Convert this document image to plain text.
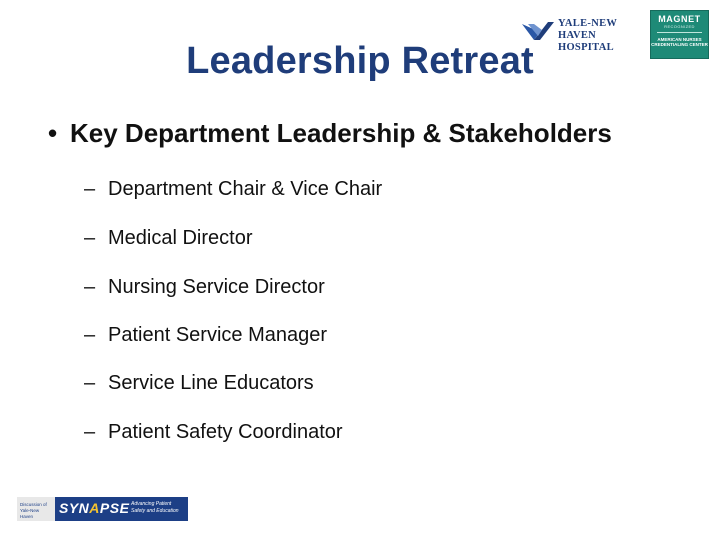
Leadership Retreat
YALE-NEW HAVEN
HOSPITAL
MAGNET
RECOGNIZED
AMERICAN NURSES
CREDENTIALING CENTER
• Key Department Leadership & Stakeholders
– Department Chair & Vice Chair
– Medical Director
– Nursing Service Director
– Patient Service Manager
– Service Line Educators
– Patient Safety Coordinator
Discussion of Yale-New Haven
SYNAPSE Advancing Patient Safety and Education
